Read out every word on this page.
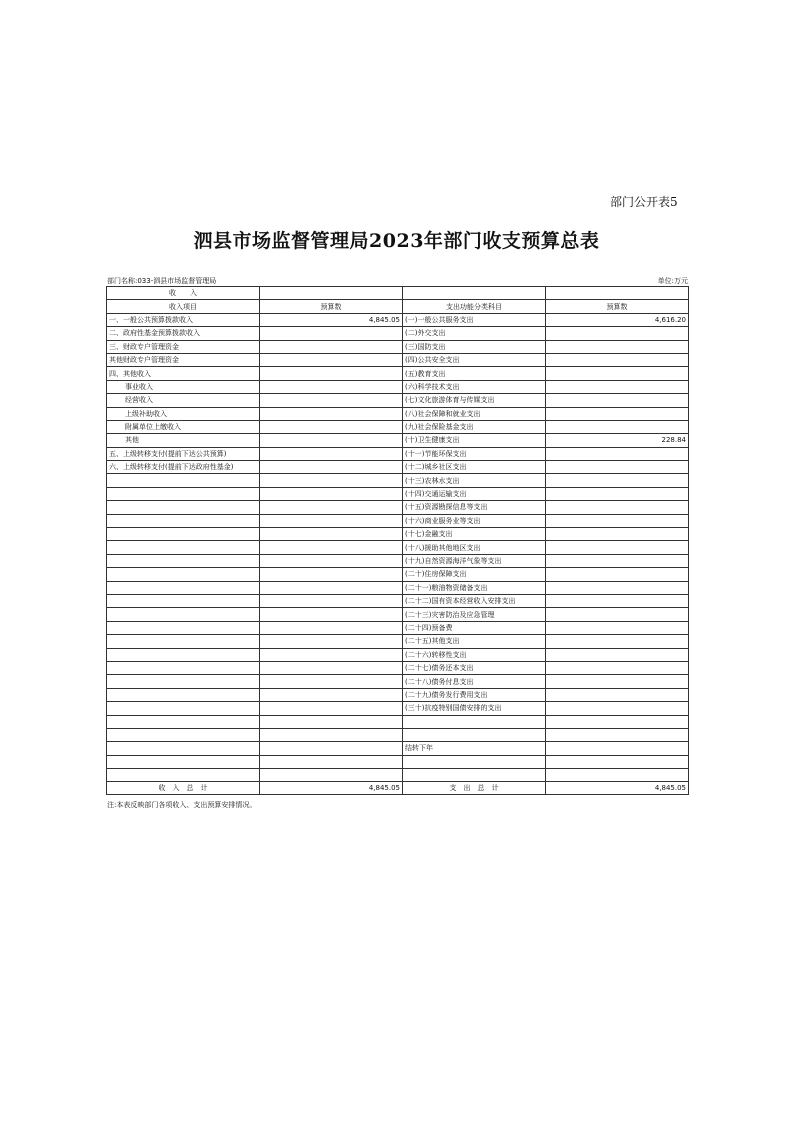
部门公开表5
泗县市场监督管理局2023年部门收支预算总表
部门名称:033-泗县市场监督管理局	单位:万元
收　　入			
收入项目	预算数	支出功能分类科目	预算数
一、一般公共预算拨款收入	4,845.05	(一)一般公共服务支出	4,616.20
二、政府性基金预算拨款收入		(二)外交支出	
三、财政专户管理资金		(三)国防支出	
其他财政专户管理资金		(四)公共安全支出	
四、其他收入		(五)教育支出	
事业收入		(六)科学技术支出	
经营收入		(七)文化旅游体育与传媒支出	
上级补助收入		(八)社会保障和就业支出	
附属单位上缴收入		(九)社会保险基金支出	
其他		(十)卫生健康支出	228.84
五、上级转移支付(提前下达公共预算)		(十一)节能环保支出	
六、上级转移支付(提前下达政府性基金)		(十二)城乡社区支出	
		(十三)农林水支出	
		(十四)交通运输支出	
		(十五)资源勘探信息等支出	
		(十六)商业服务业等支出	
		(十七)金融支出	
		(十八)援助其他地区支出	
		(十九)自然资源海洋气象等支出	
		(二十)住房保障支出	
		(二十一)粮油物资储备支出	
		(二十二)国有资本经营收入安排支出	
		(二十三)灾害防治及应急管理	
		(二十四)预备费	
		(二十五)其他支出	
		(二十六)转移性支出	
		(二十七)债务还本支出	
		(二十八)债务付息支出	
		(二十九)债务发行费用支出	
		(三十)抗疫特别国债安排的支出	

		结转下年	

收　入　总　计	4,845.05	支　出　总　计	4,845.05
注:本表反映部门各项收入、支出预算安排情况。
